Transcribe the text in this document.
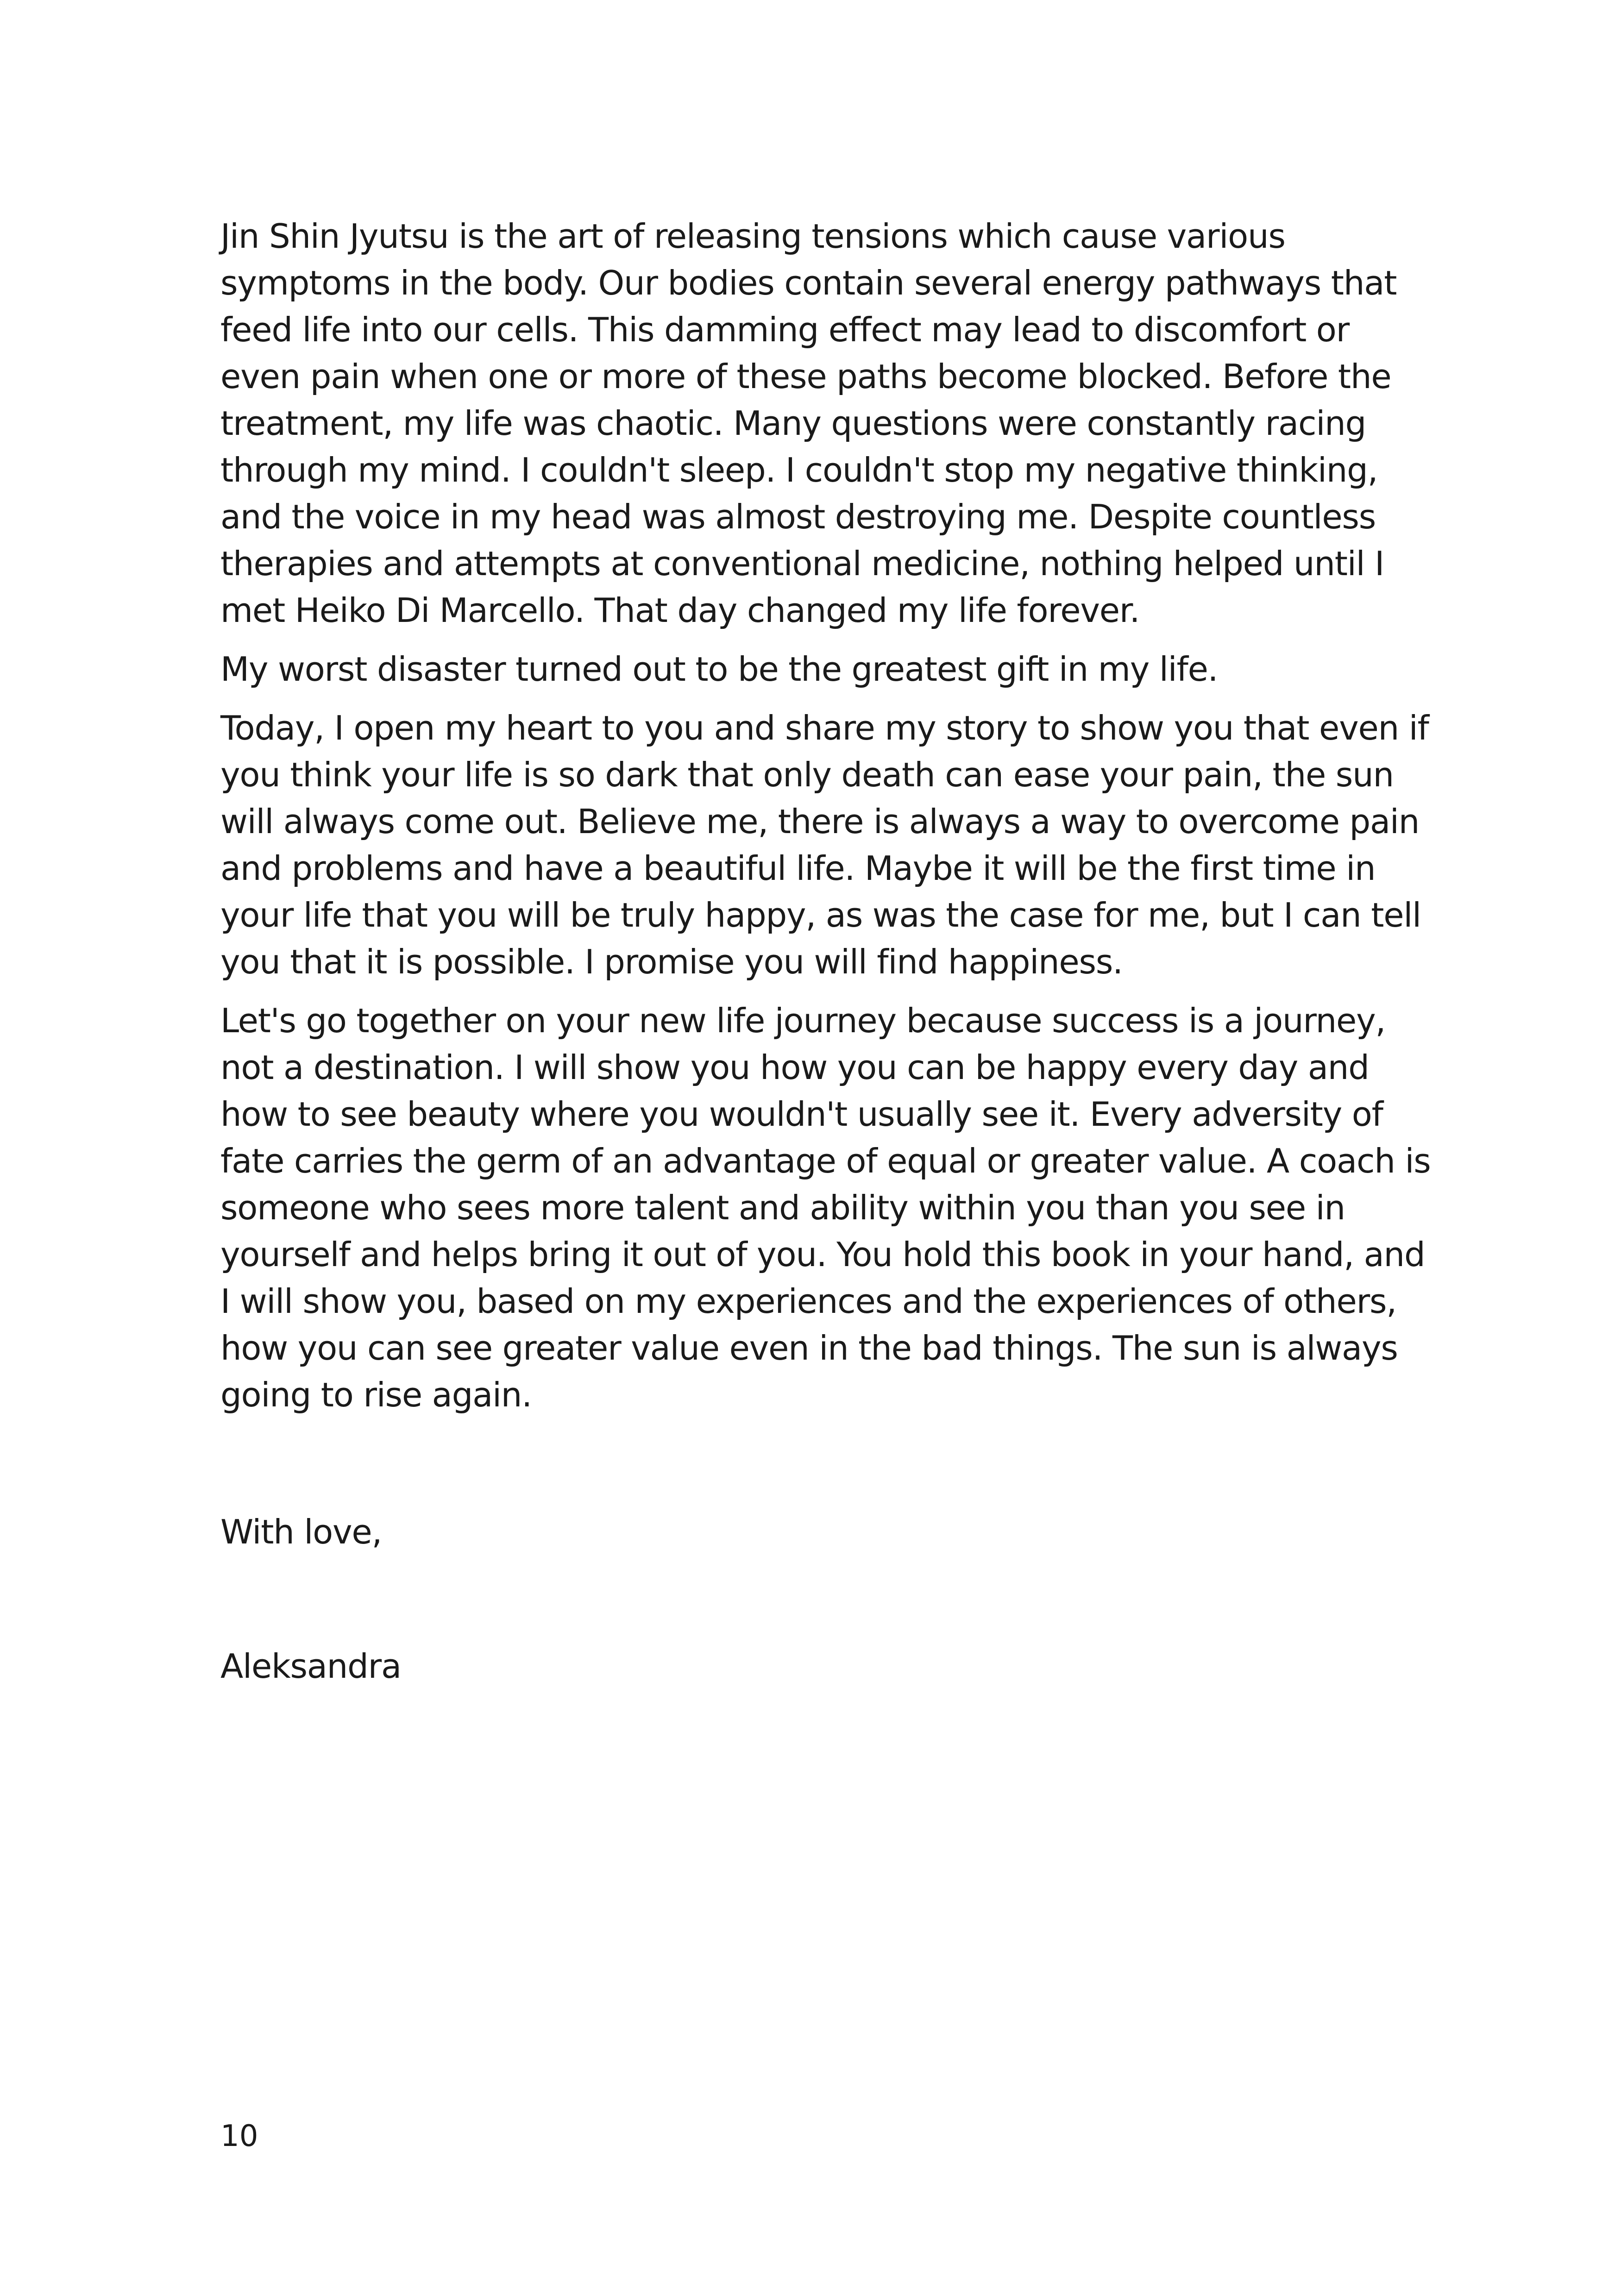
Jin Shin Jyutsu is the art of releasing tensions which cause various
symptoms in the body. Our bodies contain several energy pathways that
feed life into our cells. This damming effect may lead to discomfort or
even pain when one or more of these paths become blocked. Before the
treatment, my life was chaotic. Many questions were constantly racing
through my mind. I couldn't sleep. I couldn't stop my negative thinking,
and the voice in my head was almost destroying me. Despite countless
therapies and attempts at conventional medicine, nothing helped until I
met Heiko Di Marcello. That day changed my life forever.

My worst disaster turned out to be the greatest gift in my life.

Today, I open my heart to you and share my story to show you that even if
you think your life is so dark that only death can ease your pain, the sun
will always come out. Believe me, there is always a way to overcome pain
and problems and have a beautiful life. Maybe it will be the first time in
your life that you will be truly happy, as was the case for me, but I can tell
you that it is possible. I promise you will find happiness.

Let's go together on your new life journey because success is a journey,
not a destination. I will show you how you can be happy every day and
how to see beauty where you wouldn't usually see it. Every adversity of
fate carries the germ of an advantage of equal or greater value. A coach is
someone who sees more talent and ability within you than you see in
yourself and helps bring it out of you. You hold this book in your hand, and
I will show you, based on my experiences and the experiences of others,
how you can see greater value even in the bad things. The sun is always
going to rise again.

With love,
Aleksandra
10
